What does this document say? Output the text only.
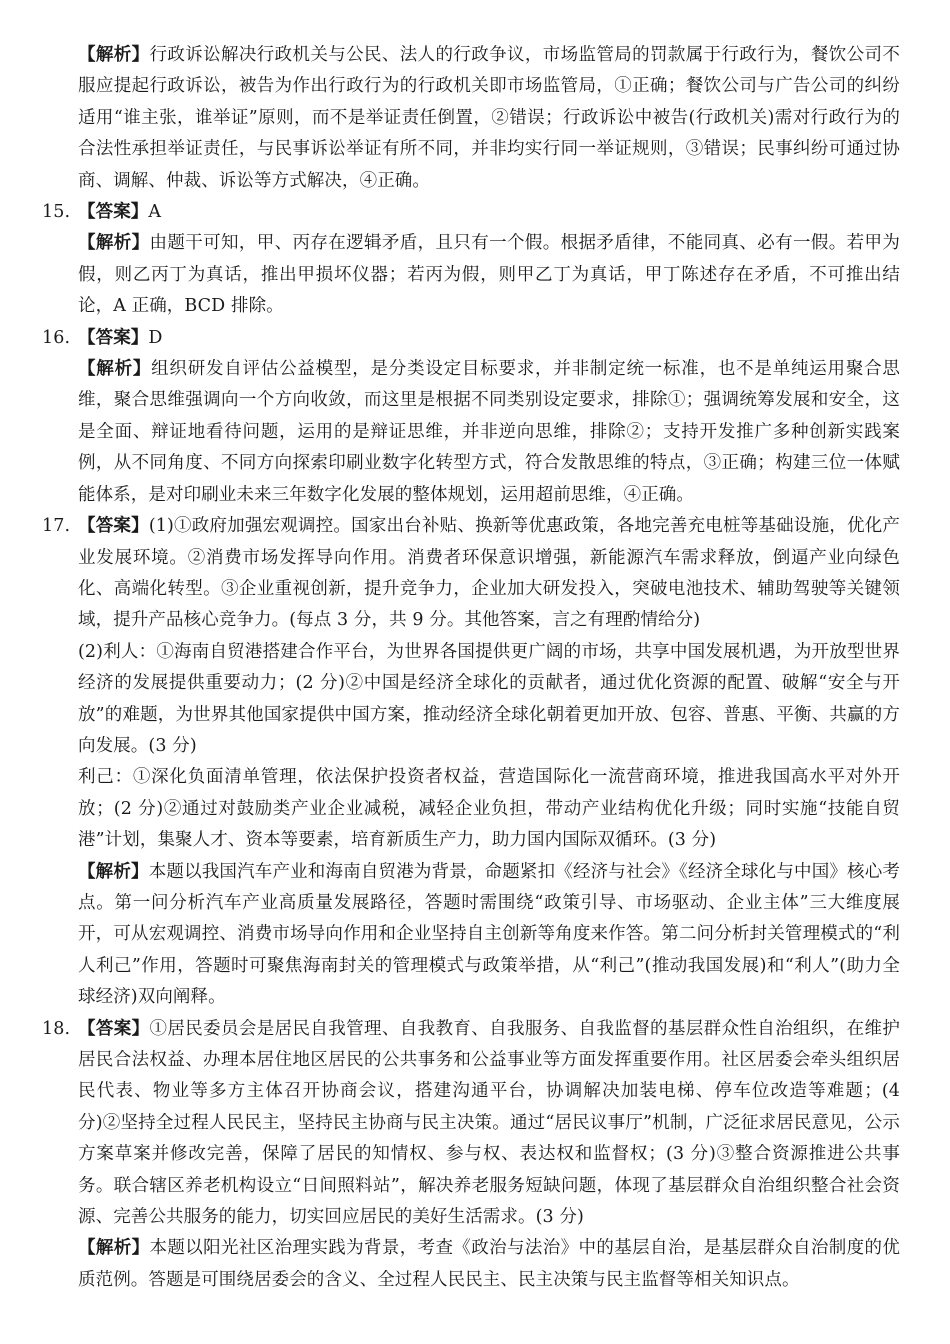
【解析】行政诉讼解决行政机关与公民、法人的行政争议，市场监管局的罚款属于行政行为，餐饮公司不服应提起行政诉讼，被告为作出行政行为的行政机关即市场监管局，①正确；餐饮公司与广告公司的纠纷适用“谁主张，谁举证”原则，而不是举证责任倒置，②错误；行政诉讼中被告(行政机关)需对行政行为的合法性承担举证责任，与民事诉讼举证有所不同，并非均实行同一举证规则，③错误；民事纠纷可通过协商、调解、仲裁、诉讼等方式解决，④正确。

15. 【答案】A

【解析】由题干可知，甲、丙存在逻辑矛盾，且只有一个假。根据矛盾律，不能同真、必有一假。若甲为假，则乙丙丁为真话，推出甲损坏仪器；若丙为假，则甲乙丁为真话，甲丁陈述存在矛盾，不可推出结论，A 正确，BCD 排除。

16. 【答案】D

【解析】组织研发自评估公益模型，是分类设定目标要求，并非制定统一标准，也不是单纯运用聚合思维，聚合思维强调向一个方向收敛，而这里是根据不同类别设定要求，排除①；强调统筹发展和安全，这是全面、辩证地看待问题，运用的是辩证思维，并非逆向思维，排除②；支持开发推广多种创新实践案例，从不同角度、不同方向探索印刷业数字化转型方式，符合发散思维的特点，③正确；构建三位一体赋能体系，是对印刷业未来三年数字化发展的整体规划，运用超前思维，④正确。

17. 【答案】(1)①政府加强宏观调控。国家出台补贴、换新等优惠政策，各地完善充电桩等基础设施，优化产业发展环境。②消费市场发挥导向作用。消费者环保意识增强，新能源汽车需求释放，倒逼产业向绿色化、高端化转型。③企业重视创新，提升竞争力，企业加大研发投入，突破电池技术、辅助驾驶等关键领域，提升产品核心竞争力。(每点 3 分，共 9 分。其他答案，言之有理酌情给分)

(2)利人：①海南自贸港搭建合作平台，为世界各国提供更广阔的市场，共享中国发展机遇，为开放型世界经济的发展提供重要动力；(2 分)②中国是经济全球化的贡献者，通过优化资源的配置、破解“安全与开放”的难题，为世界其他国家提供中国方案，推动经济全球化朝着更加开放、包容、普惠、平衡、共赢的方向发展。(3 分)

利己：①深化负面清单管理，依法保护投资者权益，营造国际化一流营商环境，推进我国高水平对外开放；(2 分)②通过对鼓励类产业企业减税，减轻企业负担，带动产业结构优化升级；同时实施“技能自贸港”计划，集聚人才、资本等要素，培育新质生产力，助力国内国际双循环。(3 分)

【解析】本题以我国汽车产业和海南自贸港为背景，命题紧扣《经济与社会》《经济全球化与中国》核心考点。第一问分析汽车产业高质量发展路径，答题时需围绕“政策引导、市场驱动、企业主体”三大维度展开，可从宏观调控、消费市场导向作用和企业坚持自主创新等角度来作答。第二问分析封关管理模式的“利人利己”作用，答题时可聚焦海南封关的管理模式与政策举措，从“利己”(推动我国发展)和“利人”(助力全球经济)双向阐释。

18. 【答案】①居民委员会是居民自我管理、自我教育、自我服务、自我监督的基层群众性自治组织，在维护居民合法权益、办理本居住地区居民的公共事务和公益事业等方面发挥重要作用。社区居委会牵头组织居民代表、物业等多方主体召开协商会议，搭建沟通平台，协调解决加装电梯、停车位改造等难题；(4 分)②坚持全过程人民民主，坚持民主协商与民主决策。通过“居民议事厅”机制，广泛征求居民意见，公示方案草案并修改完善，保障了居民的知情权、参与权、表达权和监督权；(3 分)③整合资源推进公共事务。联合辖区养老机构设立“日间照料站”，解决养老服务短缺问题，体现了基层群众自治组织整合社会资源、完善公共服务的能力，切实回应居民的美好生活需求。(3 分)

【解析】本题以阳光社区治理实践为背景，考查《政治与法治》中的基层自治，是基层群众自治制度的优质范例。答题是可围绕居委会的含义、全过程人民民主、民主决策与民主监督等相关知识点。
